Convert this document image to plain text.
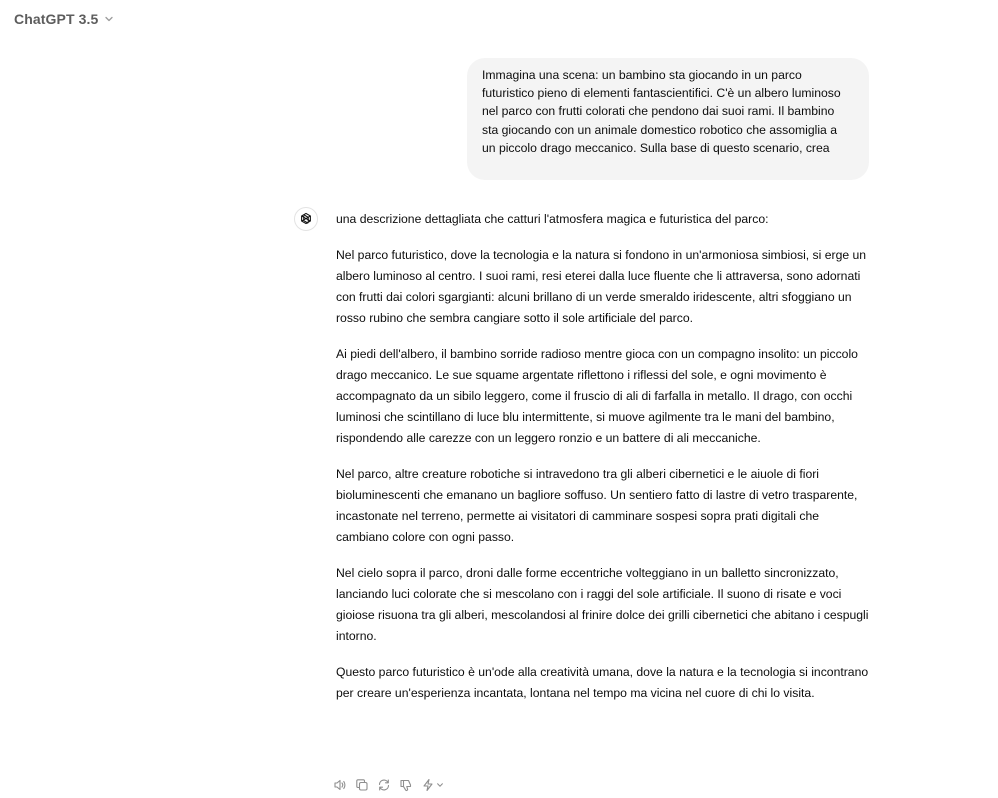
ChatGPT 3.5
Immagina una scena: un bambino sta giocando in un parco futuristico pieno di elementi fantascientifici. C'è un albero luminoso nel parco con frutti colorati che pendono dai suoi rami. Il bambino sta giocando con un animale domestico robotico che assomiglia a un piccolo drago meccanico. Sulla base di questo scenario, crea

una descrizione dettagliata che catturi l'atmosfera magica e futuristica del parco:

Nel parco futuristico, dove la tecnologia e la natura si fondono in un'armoniosa simbiosi, si erge un albero luminoso al centro. I suoi rami, resi eterei dalla luce fluente che li attraversa, sono adornati con frutti dai colori sgargianti: alcuni brillano di un verde smeraldo iridescente, altri sfoggiano un rosso rubino che sembra cangiare sotto il sole artificiale del parco.

Ai piedi dell'albero, il bambino sorride radioso mentre gioca con un compagno insolito: un piccolo drago meccanico. Le sue squame argentate riflettono i riflessi del sole, e ogni movimento è accompagnato da un sibilo leggero, come il fruscio di ali di farfalla in metallo. Il drago, con occhi luminosi che scintillano di luce blu intermittente, si muove agilmente tra le mani del bambino, rispondendo alle carezze con un leggero ronzio e un battere di ali meccaniche.

Nel parco, altre creature robotiche si intravedono tra gli alberi cibernetici e le aiuole di fiori bioluminescenti che emanano un bagliore soffuso. Un sentiero fatto di lastre di vetro trasparente, incastonate nel terreno, permette ai visitatori di camminare sospesi sopra prati digitali che cambiano colore con ogni passo.

Nel cielo sopra il parco, droni dalle forme eccentriche volteggiano in un balletto sincronizzato, lanciando luci colorate che si mescolano con i raggi del sole artificiale. Il suono di risate e voci gioiose risuona tra gli alberi, mescolandosi al frinire dolce dei grilli cibernetici che abitano i cespugli intorno.

Questo parco futuristico è un'ode alla creatività umana, dove la natura e la tecnologia si incontrano per creare un'esperienza incantata, lontana nel tempo ma vicina nel cuore di chi lo visita.
